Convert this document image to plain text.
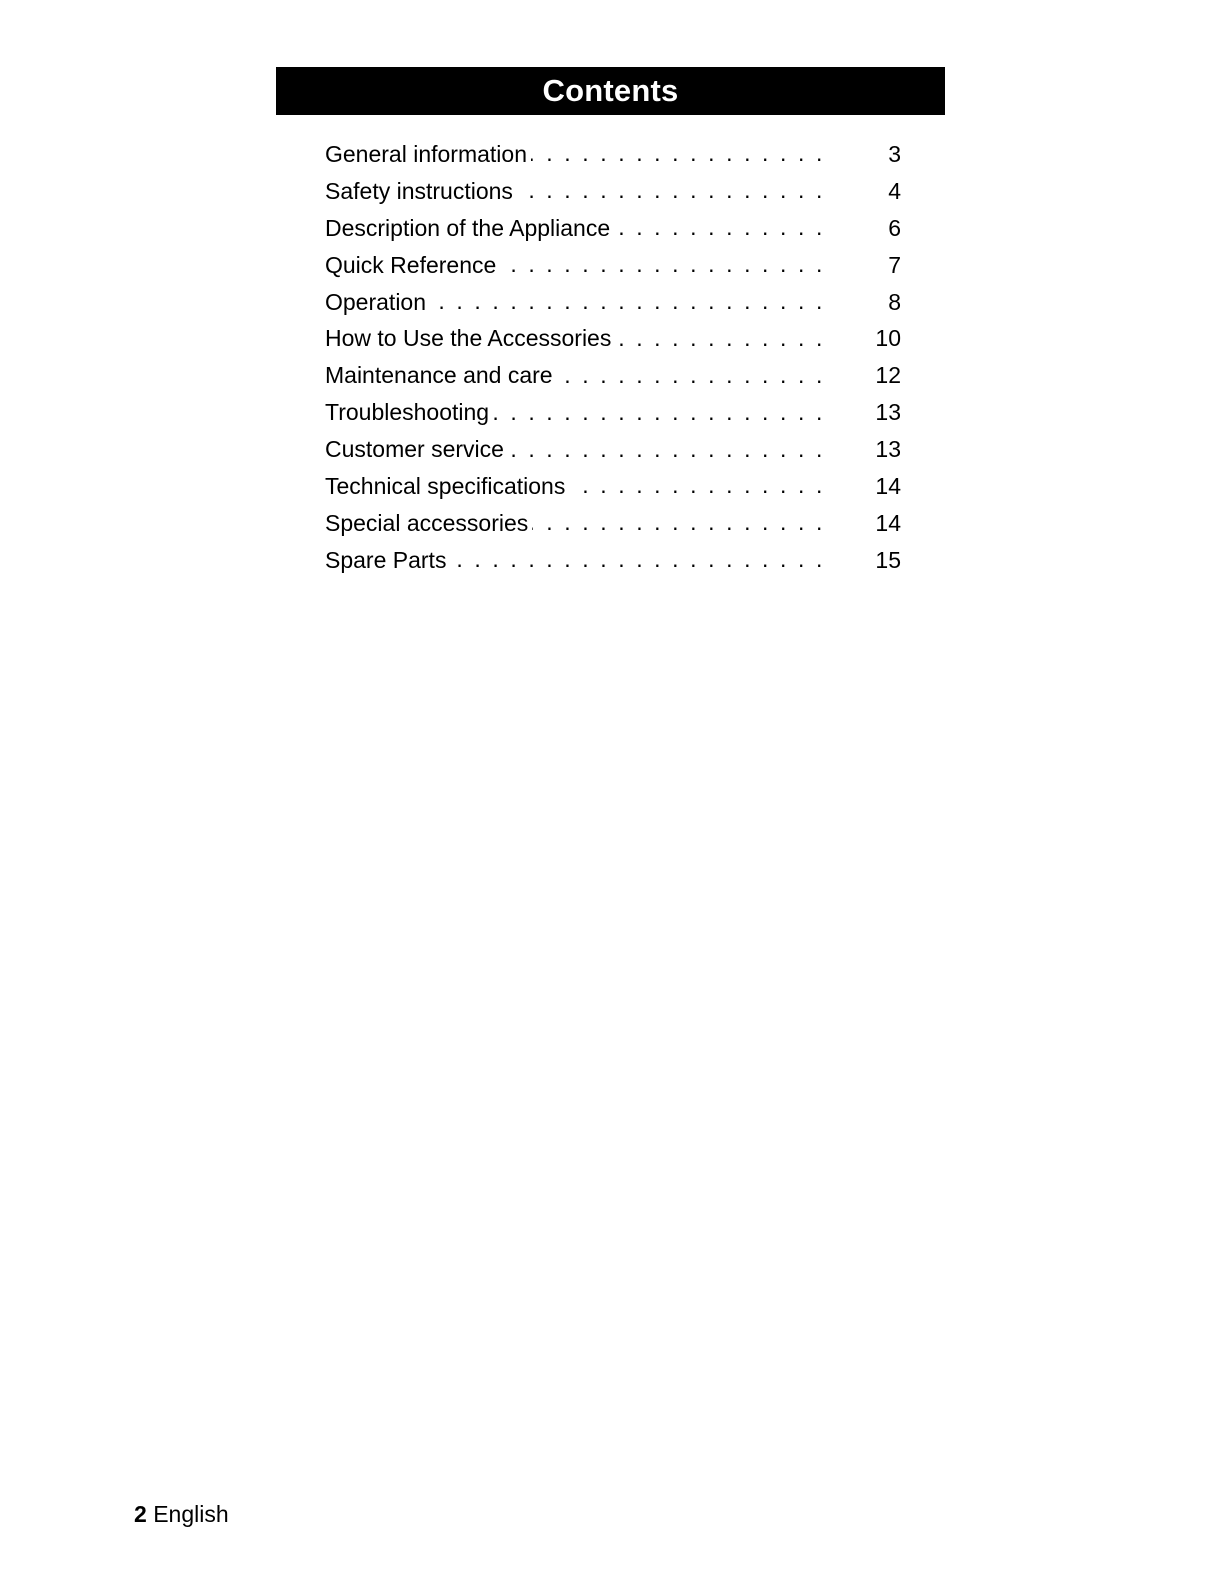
Contents
General information . . .	3
Safety instructions . . .	4
Description of the Appliance . . .	6
Quick Reference . . .	7
Operation . . .	8
How to Use the Accessories . . .	10
Maintenance and care . . .	12
Troubleshooting . . .	13
Customer service . . .	13
Technical specifications . . .	14
Special accessories . . .	14
Spare Parts . . .	15
2 English
